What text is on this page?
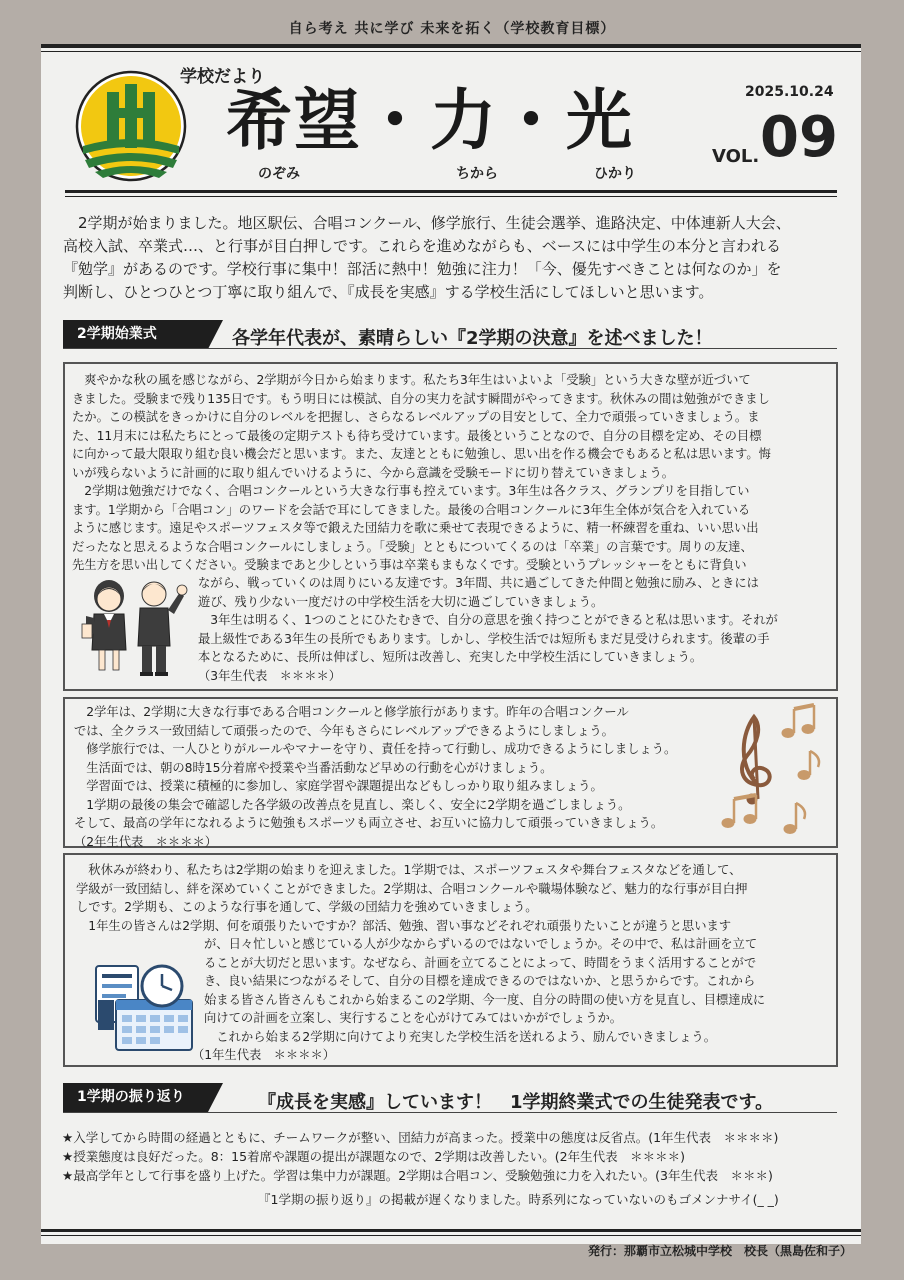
自ら考え 共に学び 未来を拓く（学校教育目標）
学校だより
希望・力・光
のぞみ	ちから	ひかり
2025.10.24
VOL. 09
　2学期が始まりました。地区駅伝、合唱コンクール、修学旅行、生徒会選挙、進路決定、中体連新人大会、
高校入試、卒業式…、と行事が目白押しです。これらを進めながらも、ベースには中学生の本分と言われる
『勉学』があるのです。学校行事に集中！部活に熱中！勉強に注力！「今、優先すべきことは何なのか」を
判断し、ひとつひとつ丁寧に取り組んで、『成長を実感』する学校生活にしてほしいと思います。
2学期始業式	各学年代表が、素晴らしい『2学期の決意』を述べました！
　爽やかな秋の風を感じながら、2学期が今日から始まります。私たち3年生はいよいよ「受験」という大きな壁が近づいて
きました。受験まで残り135日です。もう明日には模試、自分の実力を試す瞬間がやってきます。秋休みの間は勉強ができまし
たか。この模試をきっかけに自分のレベルを把握し、さらなるレベルアップの目安として、全力で頑張っていきましょう。ま
た、11月末には私たちにとって最後の定期テストも待ち受けています。最後ということなので、自分の目標を定め、その目標
に向かって最大限取り組む良い機会だと思います。また、友達とともに勉強し、思い出を作る機会でもあると私は思います。悔
いが残らないように計画的に取り組んでいけるように、今から意識を受験モードに切り替えていきましょう。
　2学期は勉強だけでなく、合唱コンクールという大きな行事も控えています。3年生は各クラス、グランプリを目指してい
ます。1学期から「合唱コン」のワードを会話で耳にしてきました。最後の合唱コンクールに3年生全体が気合を入れている
ように感じます。遠足やスポーツフェスタ等で鍛えた団結力を歌に乗せて表現できるように、精一杯練習を重ね、いい思い出
だったなと思えるような合唱コンクールにしましょう。「受験」とともについてくるのは「卒業」の言葉です。周りの友達、
先生方を思い出してください。受験まであと少しという事は卒業もまもなくです。受験というプレッシャーをともに背負い
ながら、戦っていくのは周りにいる友達です。3年間、共に過ごしてきた仲間と勉強に励み、ときには
遊び、残り少ない一度だけの中学校生活を大切に過ごしていきましょう。
　3年生は明るく、1つのことにひたむきで、自分の意思を強く持つことができると私は思います。それが
最上級性である3年生の長所でもあります。しかし、学校生活では短所もまだ見受けられます。後輩の手
本となるために、長所は伸ばし、短所は改善し、充実した中学校生活にしていきましょう。
（3年生代表　＊＊＊＊）
　2学年は、2学期に大きな行事である合唱コンクールと修学旅行があります。昨年の合唱コンクール
では、全クラス一致団結して頑張ったので、今年もさらにレベルアップできるようにしましょう。
　修学旅行では、一人ひとりがルールやマナーを守り、責任を持って行動し、成功できるようにしましょう。
　生活面では、朝の8時15分着席や授業や当番活動など早めの行動を心がけましょう。
　学習面では、授業に積極的に参加し、家庭学習や課題提出などもしっかり取り組みましょう。
　1学期の最後の集会で確認した各学級の改善点を見直し、楽しく、安全に2学期を過ごしましょう。
そして、最高の学年になれるように勉強もスポーツも両立させ、お互いに協力して頑張っていきましょう。
（2年生代表　＊＊＊＊）
　秋休みが終わり、私たちは2学期の始まりを迎えました。1学期では、スポーツフェスタや舞台フェスタなどを通して、
学級が一致団結し、絆を深めていくことができました。2学期は、合唱コンクールや職場体験など、魅力的な行事が目白押
しです。2学期も、このような行事を通して、学級の団結力を強めていきましょう。
　1年生の皆さんは2学期、何を頑張りたいですか？部活、勉強、習い事などそれぞれ頑張りたいことが違うと思います
が、日々忙しいと感じている人が少なからずいるのではないでしょうか。その中で、私は計画を立て
ることが大切だと思います。なぜなら、計画を立てることによって、時間をうまく活用することがで
き、良い結果につながるそして、自分の目標を達成できるのではないか、と思うからです。これから
始まる皆さん皆さんもこれから始まるこの2学期、今一度、自分の時間の使い方を見直し、目標達成に
向けての計画を立案し、実行することを心がけてみてはいかがでしょうか。
　これから始まる2学期に向けてより充実した学校生活を送れるよう、励んでいきましょう。
（1年生代表　＊＊＊＊）
1学期の振り返り	『成長を実感』しています！　1学期終業式での生徒発表です。
★入学してから時間の経過とともに、チームワークが整い、団結力が高まった。授業中の態度は反省点。(1年生代表　＊＊＊＊)
★授業態度は良好だった。8：15着席や課題の提出が課題なので、2学期は改善したい。(2年生代表　＊＊＊＊)
★最高学年として行事を盛り上げた。学習は集中力が課題。2学期は合唱コン、受験勉強に力を入れたい。(3年生代表　＊＊＊)
『1学期の振り返り』の掲載が遅くなりました。時系列になっていないのもゴメンナサイ(_ _)
発行：那覇市立松城中学校　校長（黒島佐和子）
